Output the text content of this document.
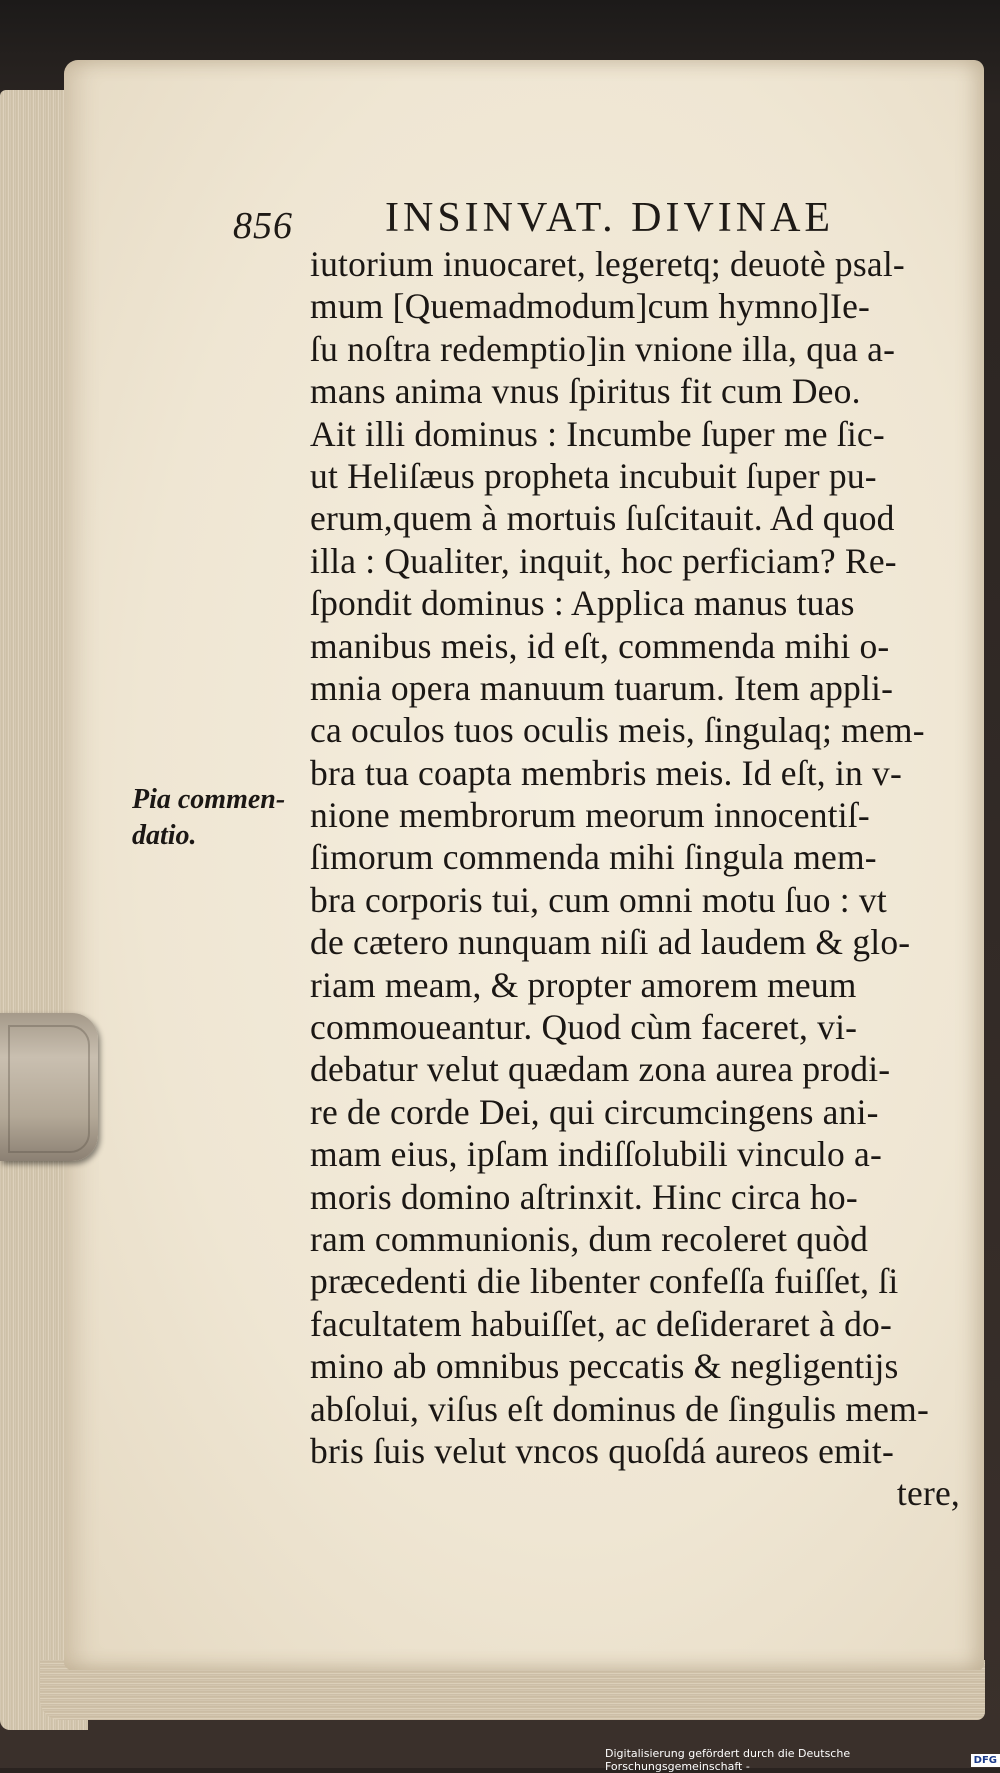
856 INSINVAT. DIVINAE
Pia commen-
datio.
iutorium inuocaret, legeretq; deuotè psal-
mum [Quemadmodum]cum hymno]Ie-
ſu noſtra redemptio]in vnione illa, qua a-
mans anima vnus ſpiritus fit cum Deo.
Ait illi dominus : Incumbe ſuper me ſic-
ut Heliſæus propheta incubuit ſuper pu-
erum,quem à mortuis ſuſcitauit. Ad quod
illa : Qualiter, inquit, hoc perficiam? Re-
ſpondit dominus : Applica manus tuas
manibus meis, id eſt, commenda mihi o-
mnia opera manuum tuarum. Item appli-
ca oculos tuos oculis meis, ſingulaq; mem-
bra tua coapta membris meis. Id eſt, in v-
nione membrorum meorum innocentiſ-
ſimorum commenda mihi ſingula mem-
bra corporis tui, cum omni motu ſuo : vt
de cætero nunquam niſi ad laudem & glo-
riam meam, & propter amorem meum
commoueantur. Quod cùm faceret, vi-
debatur velut quædam zona aurea prodi-
re de corde Dei, qui circumcingens ani-
mam eius, ipſam indiſſolubili vinculo a-
moris domino aſtrinxit. Hinc circa ho-
ram communionis, dum recoleret quòd
præcedenti die libenter confeſſa fuiſſet, ſi
facultatem habuiſſet, ac deſideraret à do-
mino ab omnibus peccatis & negligentijs
abſolui, viſus eſt dominus de ſingulis mem-
bris ſuis velut vncos quoſdá aureos emit-
tere,
Digitalisierung gefördert durch die Deutsche Forschungsgemeinschaft -	DFG
